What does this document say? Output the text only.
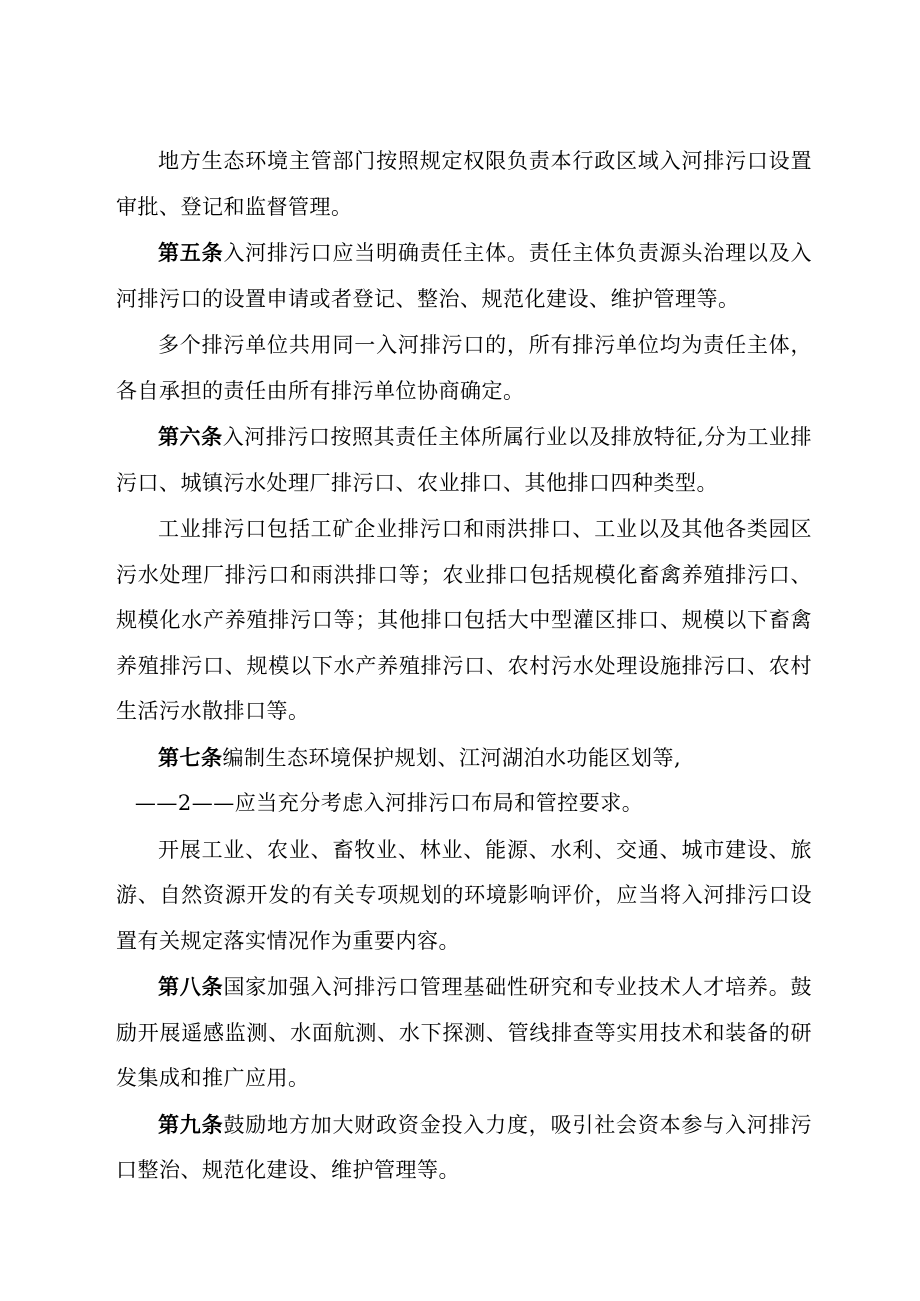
地方生态环境主管部门按照规定权限负责本行政区域入河排污口设置审批、登记和监督管理。

第五条入河排污口应当明确责任主体。责任主体负责源头治理以及入河排污口的设置申请或者登记、整治、规范化建设、维护管理等。

多个排污单位共用同一入河排污口的，所有排污单位均为责任主体，各自承担的责任由所有排污单位协商确定。

第六条入河排污口按照其责任主体所属行业以及排放特征,分为工业排污口、城镇污水处理厂排污口、农业排口、其他排口四种类型。

工业排污口包括工矿企业排污口和雨洪排口、工业以及其他各类园区污水处理厂排污口和雨洪排口等；农业排口包括规模化畜禽养殖排污口、规模化水产养殖排污口等；其他排口包括大中型灌区排口、规模以下畜禽养殖排污口、规模以下水产养殖排污口、农村污水处理设施排污口、农村生活污水散排口等。

第七条编制生态环境保护规划、江河湖泊水功能区划等,

——2——应当充分考虑入河排污口布局和管控要求。

开展工业、农业、畜牧业、林业、能源、水利、交通、城市建设、旅游、自然资源开发的有关专项规划的环境影响评价，应当将入河排污口设置有关规定落实情况作为重要内容。

第八条国家加强入河排污口管理基础性研究和专业技术人才培养。鼓励开展遥感监测、水面航测、水下探测、管线排查等实用技术和装备的研发集成和推广应用。

第九条鼓励地方加大财政资金投入力度，吸引社会资本参与入河排污口整治、规范化建设、维护管理等。
